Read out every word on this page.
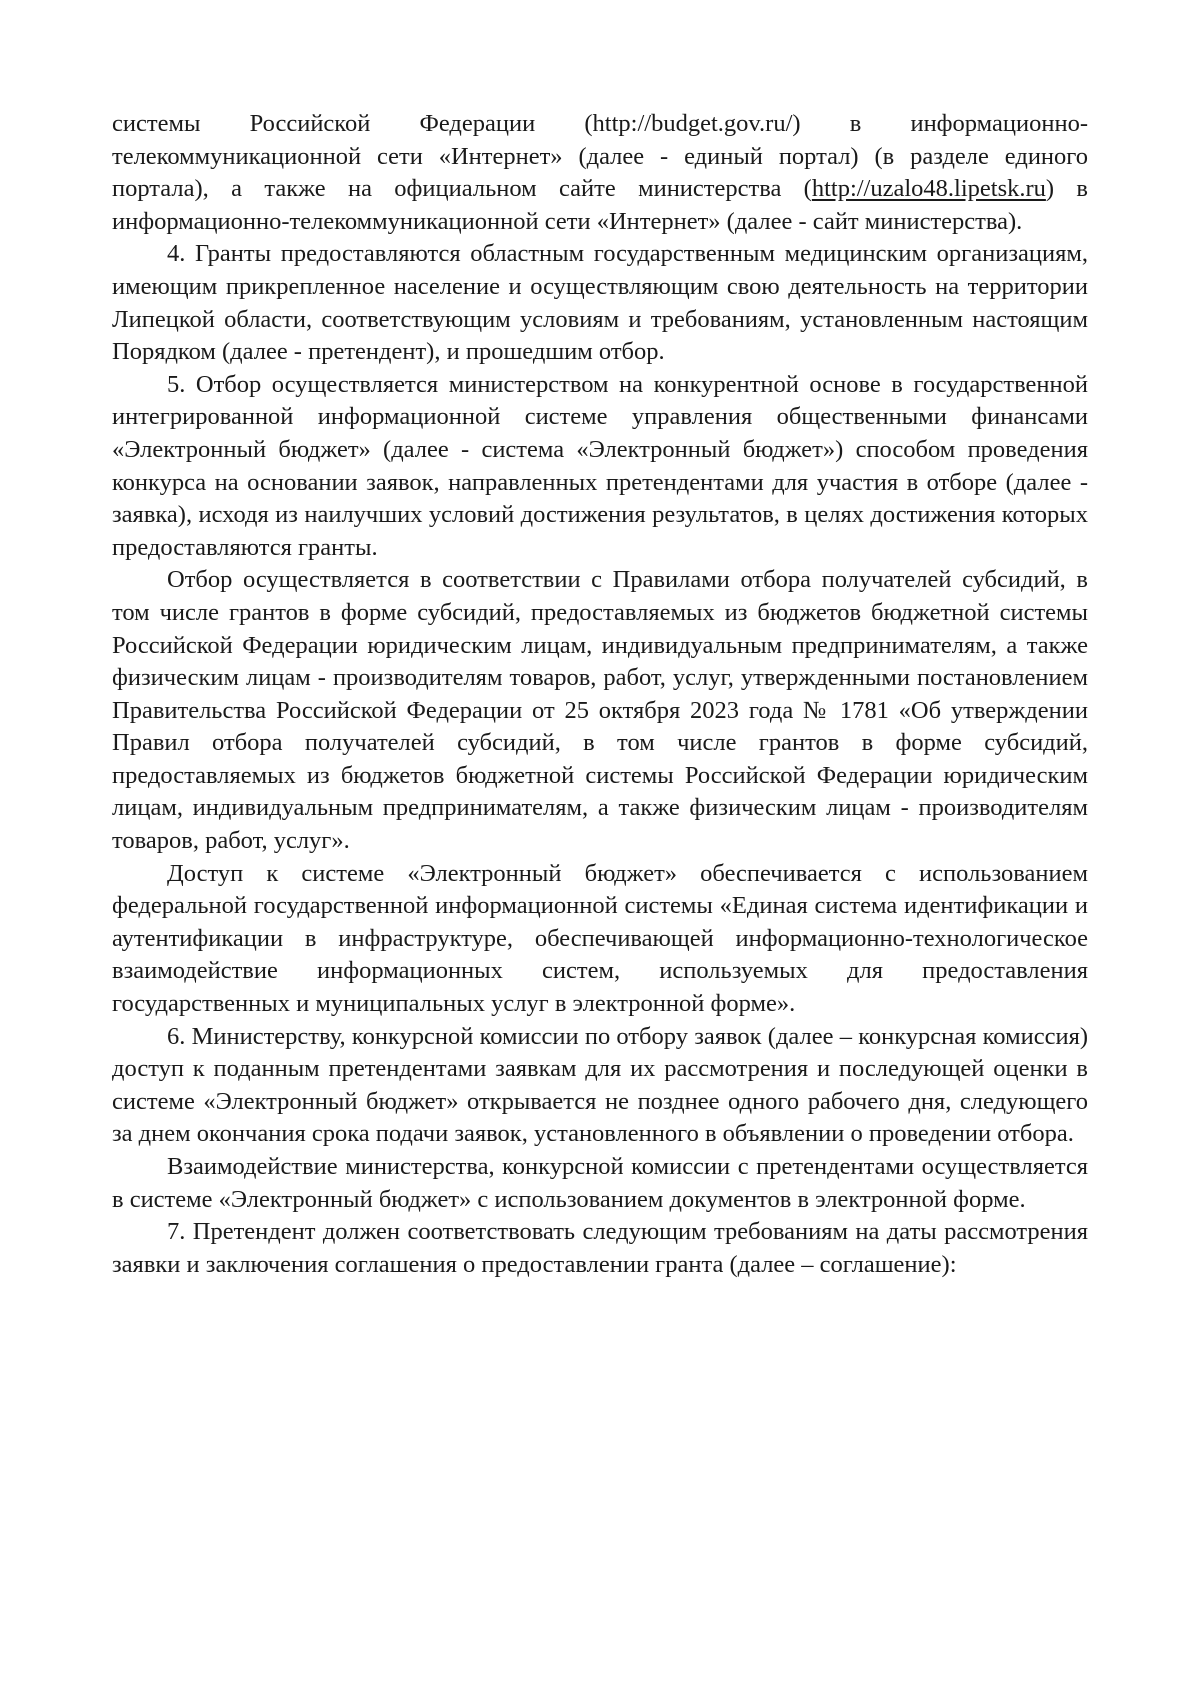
системы Российской Федерации (http://budget.gov.ru/) в информационно-телекоммуникационной сети «Интернет» (далее - единый портал) (в разделе единого портала), а также на официальном сайте министерства (http://uzalo48.lipetsk.ru) в информационно-телекоммуникационной сети «Интернет» (далее - сайт министерства).

4. Гранты предоставляются областным государственным медицинским организациям, имеющим прикрепленное население и осуществляющим свою деятельность на территории Липецкой области, соответствующим условиям и требованиям, установленным настоящим Порядком (далее - претендент), и прошедшим отбор.

5. Отбор осуществляется министерством на конкурентной основе в государственной интегрированной информационной системе управления общественными финансами «Электронный бюджет» (далее - система «Электронный бюджет») способом проведения конкурса на основании заявок, направленных претендентами для участия в отборе (далее - заявка), исходя из наилучших условий достижения результатов, в целях достижения которых предоставляются гранты.

Отбор осуществляется в соответствии с Правилами отбора получателей субсидий, в том числе грантов в форме субсидий, предоставляемых из бюджетов бюджетной системы Российской Федерации юридическим лицам, индивидуальным предпринимателям, а также физическим лицам - производителям товаров, работ, услуг, утвержденными постановлением Правительства Российской Федерации от 25 октября 2023 года № 1781 «Об утверждении Правил отбора получателей субсидий, в том числе грантов в форме субсидий, предоставляемых из бюджетов бюджетной системы Российской Федерации юридическим лицам, индивидуальным предпринимателям, а также физическим лицам - производителям товаров, работ, услуг».

Доступ к системе «Электронный бюджет» обеспечивается с использованием федеральной государственной информационной системы «Единая система идентификации и аутентификации в инфраструктуре, обеспечивающей информационно-технологическое взаимодействие информационных систем, используемых для предоставления государственных и муниципальных услуг в электронной форме».

6. Министерству, конкурсной комиссии по отбору заявок (далее – конкурсная комиссия) доступ к поданным претендентами заявкам для их рассмотрения и последующей оценки в системе «Электронный бюджет» открывается не позднее одного рабочего дня, следующего за днем окончания срока подачи заявок, установленного в объявлении о проведении отбора.

Взаимодействие министерства, конкурсной комиссии с претендентами осуществляется в системе «Электронный бюджет» с использованием документов в электронной форме.

7. Претендент должен соответствовать следующим требованиям на даты рассмотрения заявки и заключения соглашения о предоставлении гранта (далее – соглашение):
